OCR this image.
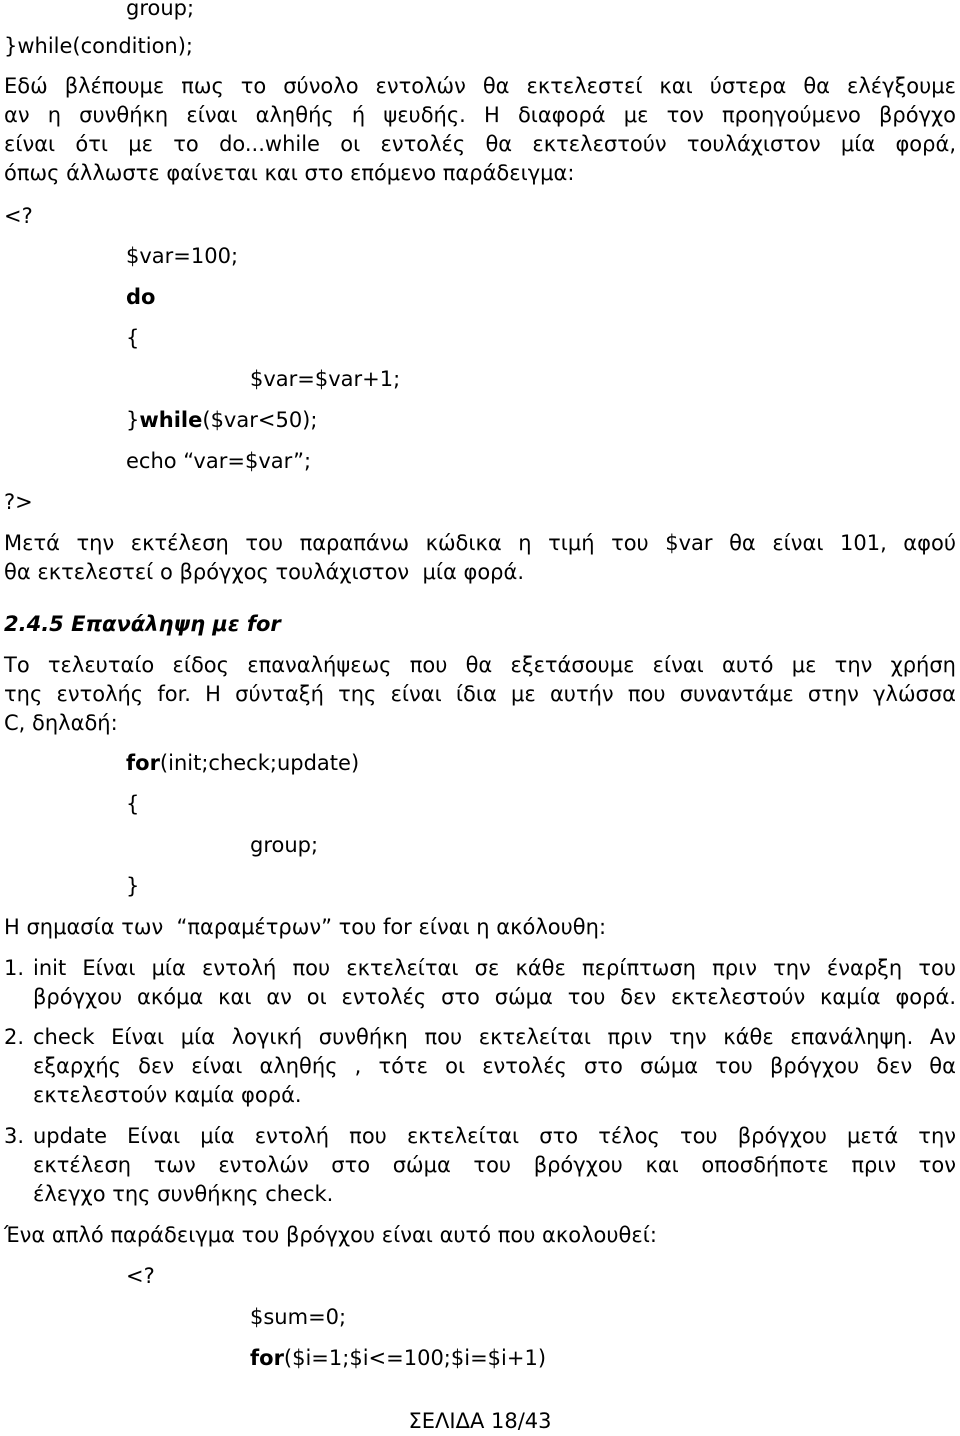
group;
}while(condition);
Εδώ βλέπουμε πως το σύνολο εντολών θα εκτελεστεί και ύστερα θα ελέγξουμε
αν η συνθήκη είναι αληθής ή ψευδής. Η διαφορά με τον προηγούμενο βρόγχο
είναι ότι με το do...while οι εντολές θα εκτελεστούν τουλάχιστον μία φορά,
όπως άλλωστε φαίνεται και στο επόμενο παράδειγμα:
<?
$var=100;
do
{
$var=$var+1;
}while($var<50);
echo “var=$var”;
?>
Μετά την εκτέλεση του παραπάνω κώδικα η τιμή του $var θα είναι 101, αφού
θα εκτελεστεί ο βρόγχος τουλάχιστον  μία φορά.
2.4.5 Επανάληψη με for
Το τελευταίο είδος επαναλήψεως που θα εξετάσουμε είναι αυτό με την χρήση
της εντολής for. Η σύνταξή της είναι ίδια με αυτήν που συναντάμε στην γλώσσα
C, δηλαδή:
for(init;check;update)
{
group;
}
Η σημασία των  “παραμέτρων” του for είναι η ακόλουθη:
1. init Είναι μία εντολή που εκτελείται σε κάθε περίπτωση πριν την έναρξη του
βρόγχου ακόμα και αν οι εντολές στο σώμα του δεν εκτελεστούν καμία φορά.
2. check Είναι μία λογική συνθήκη που εκτελείται πριν την κάθε επανάληψη. Αν
εξαρχής δεν είναι αληθής , τότε οι εντολές στο σώμα του βρόγχου δεν θα
εκτελεστούν καμία φορά.
3. update Είναι μία εντολή που εκτελείται στο τέλος του βρόγχου μετά την
εκτέλεση των εντολών στο σώμα του βρόγχου και οποσδήποτε πριν τον
έλεγχο της συνθήκης check.
Ένα απλό παράδειγμα του βρόγχου είναι αυτό που ακολουθεί:
<?
$sum=0;
for($i=1;$i<=100;$i=$i+1)
ΣΕΛΙΔΑ 18/43
